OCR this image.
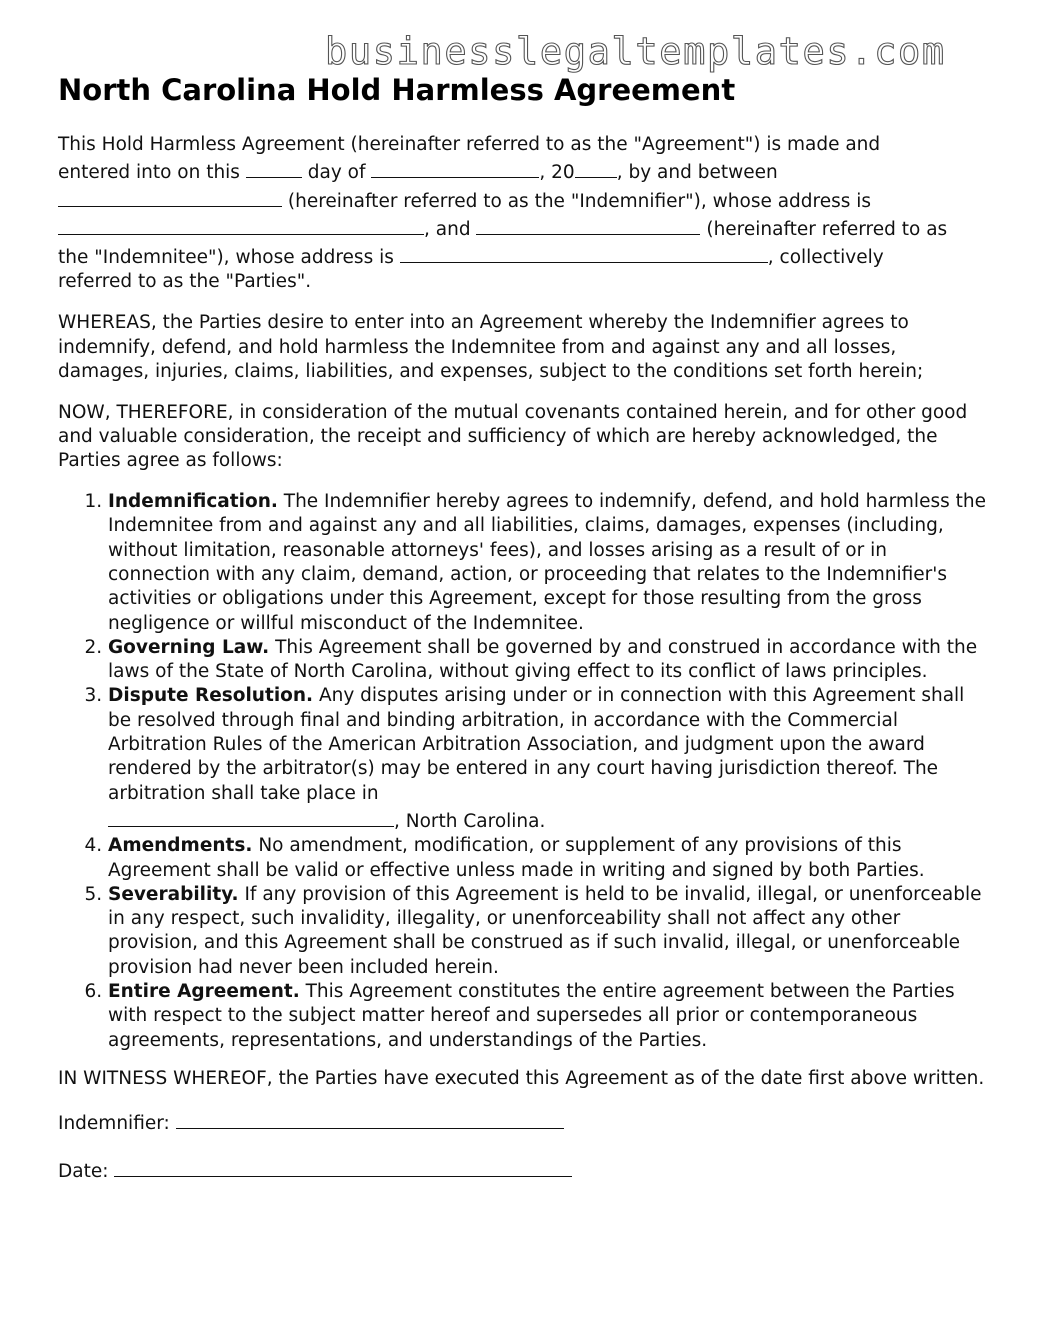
businesslegaltemplates.com
North Carolina Hold Harmless Agreement

This Hold Harmless Agreement (hereinafter referred to as the "Agreement") is made and
entered into on this	day of	, 20 , by and between
(hereinafter referred to as the "Indemnifier"), whose address is
, and	(hereinafter referred to as
the "Indemnitee"), whose address is	, collectively
referred to as the "Parties".

WHEREAS, the Parties desire to enter into an Agreement whereby the Indemnifier agrees to indemnify, defend, and hold harmless the Indemnitee from and against any and all losses, damages, injuries, claims, liabilities, and expenses, subject to the conditions set forth herein;

NOW, THEREFORE, in consideration of the mutual covenants contained herein, and for other good and valuable consideration, the receipt and sufficiency of which are hereby acknowledged, the Parties agree as follows:

1. Indemnification. The Indemnifier hereby agrees to indemnify, defend, and hold harmless the Indemnitee from and against any and all liabilities, claims, damages, expenses (including, without limitation, reasonable attorneys' fees), and losses arising as a result of or in connection with any claim, demand, action, or proceeding that relates to the Indemnifier's activities or obligations under this Agreement, except for those resulting from the gross negligence or willful misconduct of the Indemnitee.
2. Governing Law. This Agreement shall be governed by and construed in accordance with the laws of the State of North Carolina, without giving effect to its conflict of laws principles.
3. Dispute Resolution. Any disputes arising under or in connection with this Agreement shall be resolved through final and binding arbitration, in accordance with the Commercial Arbitration Rules of the American Arbitration Association, and judgment upon the award rendered by the arbitrator(s) may be entered in any court having jurisdiction thereof. The arbitration shall take place in
, North Carolina.
4. Amendments. No amendment, modification, or supplement of any provisions of this Agreement shall be valid or effective unless made in writing and signed by both Parties.
5. Severability. If any provision of this Agreement is held to be invalid, illegal, or unenforceable in any respect, such invalidity, illegality, or unenforceability shall not affect any other provision, and this Agreement shall be construed as if such invalid, illegal, or unenforceable provision had never been included herein.
6. Entire Agreement. This Agreement constitutes the entire agreement between the Parties with respect to the subject matter hereof and supersedes all prior or contemporaneous agreements, representations, and understandings of the Parties.

IN WITNESS WHEREOF, the Parties have executed this Agreement as of the date first above written.

Indemnifier:
Date:
